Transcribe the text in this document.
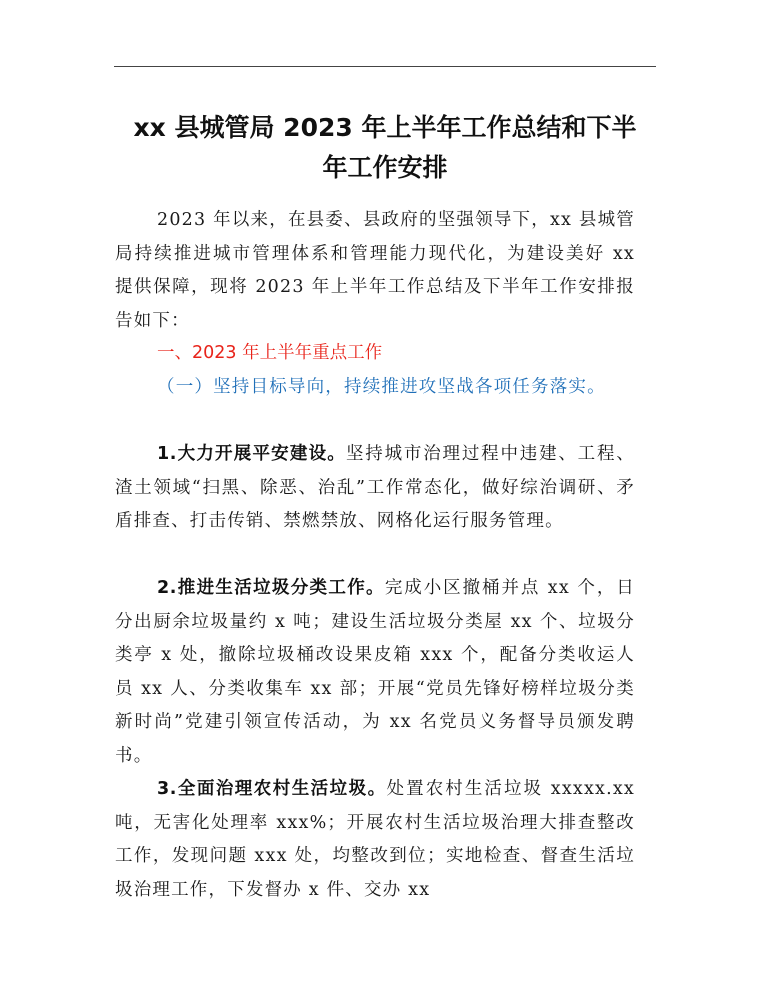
xx 县城管局 2023 年上半年工作总结和下半
年工作安排

2023 年以来，在县委、县政府的坚强领导下，xx 县城管局持续推进城市管理体系和管理能力现代化，为建设美好 xx 提供保障，现将 2023 年上半年工作总结及下半年工作安排报告如下：

一、2023 年上半年重点工作

（一）坚持目标导向，持续推进攻坚战各项任务落实。

1.大力开展平安建设。坚持城市治理过程中违建、工程、渣土领域“扫黑、除恶、治乱”工作常态化，做好综治调研、矛盾排查、打击传销、禁燃禁放、网格化运行服务管理。

2.推进生活垃圾分类工作。完成小区撤桶并点 xx 个，日分出厨余垃圾量约 x 吨；建设生活垃圾分类屋 xx 个、垃圾分类亭 x 处，撤除垃圾桶改设果皮箱 xxx 个，配备分类收运人员 xx 人、分类收集车 xx 部；开展“党员先锋好榜样垃圾分类新时尚”党建引领宣传活动，为 xx 名党员义务督导员颁发聘书。

3.全面治理农村生活垃圾。处置农村生活垃圾 xxxxx.xx 吨，无害化处理率 xxx%；开展农村生活垃圾治理大排查整改工作，发现问题 xxx 处，均整改到位；实地检查、督查生活垃圾治理工作，下发督办 x 件、交办 xx
